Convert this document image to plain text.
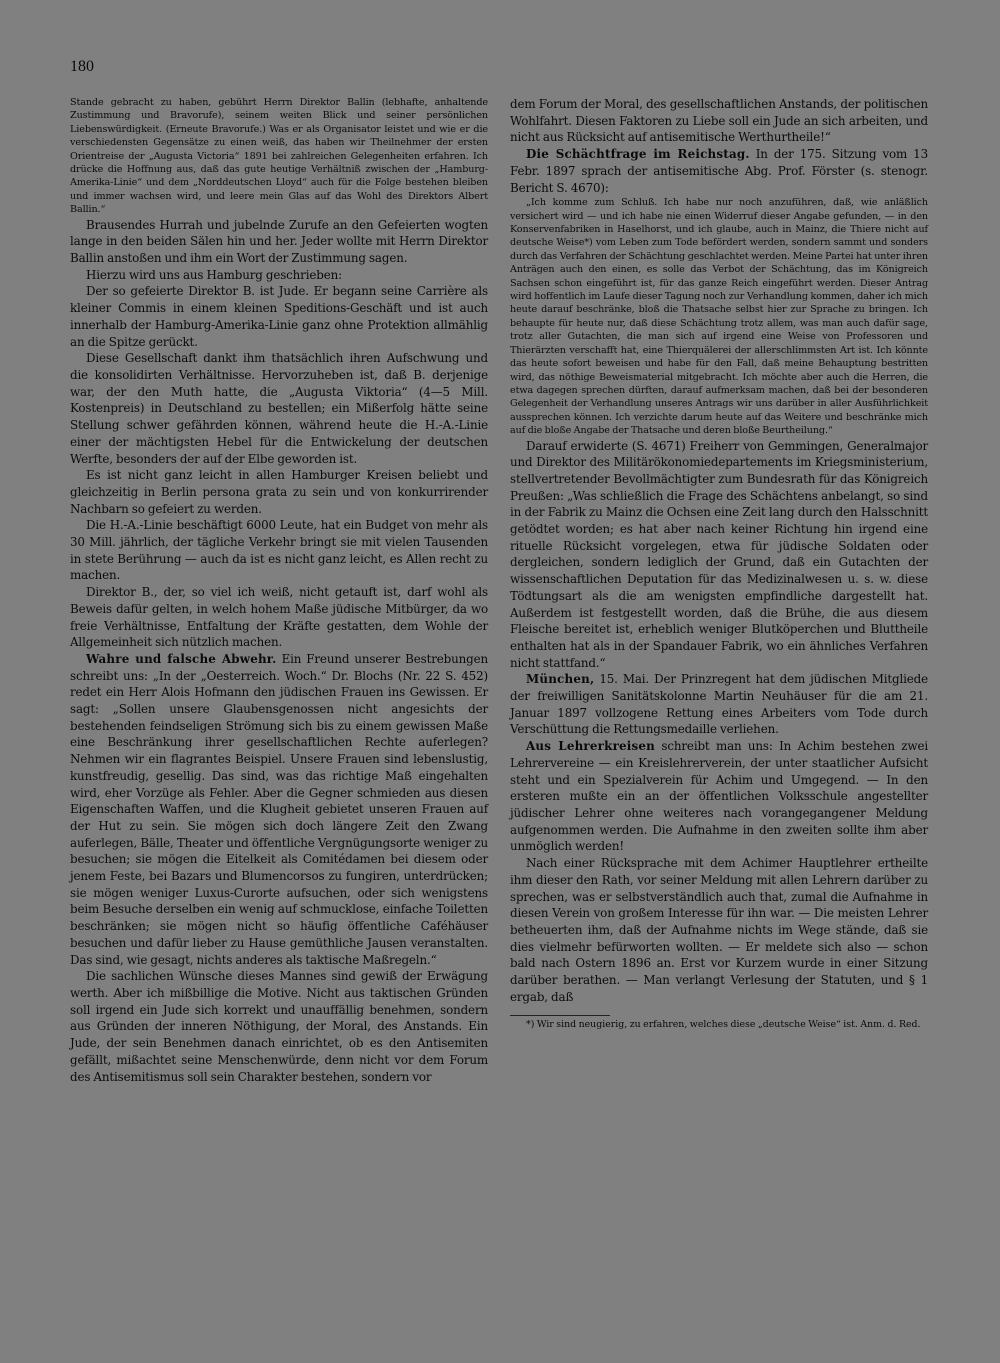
180

Stande gebracht zu haben, gebührt Herrn Direktor Ballin (lebhafte, anhaltende Zustimmung und Bravorufe), seinem weiten Blick und seiner persönlichen Liebenswürdigkeit. (Erneute Bravorufe.) Was er als Organisator leistet und wie er die verschiedensten Gegensätze zu einen weiß, das haben wir Theilnehmer der ersten Orientreise der „Augusta Victoria“ 1891 bei zahlreichen Gelegenheiten erfahren. Ich drücke die Hoffnung aus, daß das gute heutige Verhältniß zwischen der „Hamburg-Amerika-Linie“ und dem „Norddeutschen Lloyd“ auch für die Folge bestehen bleiben und immer wachsen wird, und leere mein Glas auf das Wohl des Direktors Albert Ballin.“

Brausendes Hurrah und jubelnde Zurufe an den Gefeierten wogten lange in den beiden Sälen hin und her. Jeder wollte mit Herrn Direktor Ballin anstoßen und ihm ein Wort der Zustimmung sagen.

Hierzu wird uns aus Hamburg geschrieben:

Der so gefeierte Direktor B. ist Jude. Er begann seine Carrière als kleiner Commis in einem kleinen Speditions-Geschäft und ist auch innerhalb der Hamburg-Amerika-Linie ganz ohne Protektion allmählig an die Spitze gerückt.

Diese Gesellschaft dankt ihm thatsächlich ihren Aufschwung und die konsolidirten Verhältnisse. Hervorzuheben ist, daß B. derjenige war, der den Muth hatte, die „Augusta Viktoria“ (4—5 Mill. Kostenpreis) in Deutschland zu bestellen; ein Mißerfolg hätte seine Stellung schwer gefährden können, während heute die H.-A.-Linie einer der mächtigsten Hebel für die Entwickelung der deutschen Werfte, besonders der auf der Elbe geworden ist.

Es ist nicht ganz leicht in allen Hamburger Kreisen beliebt und gleichzeitig in Berlin persona grata zu sein und von konkurrirender Nachbarn so gefeiert zu werden.

Die H.-A.-Linie beschäftigt 6000 Leute, hat ein Budget von mehr als 30 Mill. jährlich, der tägliche Verkehr bringt sie mit vielen Tausenden in stete Berührung — auch da ist es nicht ganz leicht, es Allen recht zu machen.

Direktor B., der, so viel ich weiß, nicht getauft ist, darf wohl als Beweis dafür gelten, in welch hohem Maße jüdische Mitbürger, da wo freie Verhältnisse, Entfaltung der Kräfte gestatten, dem Wohle der Allgemeinheit sich nützlich machen.

Wahre und falsche Abwehr. Ein Freund unserer Bestrebungen schreibt uns: „In der „Oesterreich. Woch.“ Dr. Blochs (Nr. 22 S. 452) redet ein Herr Alois Hofmann den jüdischen Frauen ins Gewissen. Er sagt: „Sollen unsere Glaubensgenossen nicht angesichts der bestehenden feindseligen Strömung sich bis zu einem gewissen Maße eine Beschränkung ihrer gesellschaftlichen Rechte auferlegen? Nehmen wir ein flagrantes Beispiel. Unsere Frauen sind lebenslustig, kunstfreudig, gesellig. Das sind, was das richtige Maß eingehalten wird, eher Vorzüge als Fehler. Aber die Gegner schmieden aus diesen Eigenschaften Waffen, und die Klugheit gebietet unseren Frauen auf der Hut zu sein. Sie mögen sich doch längere Zeit den Zwang auferlegen, Bälle, Theater und öffentliche Vergnügungsorte weniger zu besuchen; sie mögen die Eitelkeit als Comitédamen bei diesem oder jenem Feste, bei Bazars und Blumencorsos zu fungiren, unterdrücken; sie mögen weniger Luxus-Curorte aufsuchen, oder sich wenigstens beim Besuche derselben ein wenig auf schmucklose, einfache Toiletten beschränken; sie mögen nicht so häufig öffentliche Caféhäuser besuchen und dafür lieber zu Hause gemüthliche Jausen veranstalten. Das sind, wie gesagt, nichts anderes als taktische Maßregeln.“

Die sachlichen Wünsche dieses Mannes sind gewiß der Erwägung werth. Aber ich mißbillige die Motive. Nicht aus taktischen Gründen soll irgend ein Jude sich korrekt und unauffällig benehmen, sondern aus Gründen der inneren Nöthigung, der Moral, des Anstands. Ein Jude, der sein Benehmen danach einrichtet, ob es den Antisemiten gefällt, mißachtet seine Menschenwürde, denn nicht vor dem Forum des Antisemitismus soll sein Charakter bestehen, sondern vor

dem Forum der Moral, des gesellschaftlichen Anstands, der politischen Wohlfahrt. Diesen Faktoren zu Liebe soll ein Jude an sich arbeiten, und nicht aus Rücksicht auf antisemitische Werthurtheile!“

Die Schächtfrage im Reichstag. In der 175. Sitzung vom 13 Febr. 1897 sprach der antisemitische Abg. Prof. Förster (s. stenogr. Bericht S. 4670):

„Ich komme zum Schluß. Ich habe nur noch anzuführen, daß, wie anläßlich versichert wird — und ich habe nie einen Widerruf dieser Angabe gefunden, — in den Konservenfabriken in Haselhorst, und ich glaube, auch in Mainz, die Thiere nicht auf deutsche Weise*) vom Leben zum Tode befördert werden, sondern sammt und sonders durch das Verfahren der Schächtung geschlachtet werden. Meine Partei hat unter ihren Anträgen auch den einen, es solle das Verbot der Schächtung, das im Königreich Sachsen schon eingeführt ist, für das ganze Reich eingeführt werden. Dieser Antrag wird hoffentlich im Laufe dieser Tagung noch zur Verhandlung kommen, daher ich mich heute darauf beschränke, bloß die Thatsache selbst hier zur Sprache zu bringen. Ich behaupte für heute nur, daß diese Schächtung trotz allem, was man auch dafür sage, trotz aller Gutachten, die man sich auf irgend eine Weise von Professoren und Thierärzten verschafft hat, eine Thierquälerei der allerschlimmsten Art ist. Ich könnte das heute sofort beweisen und habe für den Fall, daß meine Behauptung bestritten wird, das nöthige Beweismaterial mitgebracht. Ich möchte aber auch die Herren, die etwa dagegen sprechen dürften, darauf aufmerksam machen, daß bei der besonderen Gelegenheit der Verhandlung unseres Antrags wir uns darüber in aller Ausführlichkeit aussprechen können. Ich verzichte darum heute auf das Weitere und beschränke mich auf die bloße Angabe der Thatsache und deren bloße Beurtheilung.“

Darauf erwiderte (S. 4671) Freiherr von Gemmingen, Generalmajor und Direktor des Militärökonomiedepartements im Kriegsministerium, stellvertretender Bevollmächtigter zum Bundesrath für das Königreich Preußen: „Was schließlich die Frage des Schächtens anbelangt, so sind in der Fabrik zu Mainz die Ochsen eine Zeit lang durch den Halsschnitt getödtet worden; es hat aber nach keiner Richtung hin irgend eine rituelle Rücksicht vorgelegen, etwa für jüdische Soldaten oder dergleichen, sondern lediglich der Grund, daß ein Gutachten der wissenschaftlichen Deputation für das Medizinalwesen u. s. w. diese Tödtungsart als die am wenigsten empfindliche dargestellt hat. Außerdem ist festgestellt worden, daß die Brühe, die aus diesem Fleische bereitet ist, erheblich weniger Blutköperchen und Bluttheile enthalten hat als in der Spandauer Fabrik, wo ein ähnliches Verfahren nicht stattfand.“

München, 15. Mai. Der Prinzregent hat dem jüdischen Mitgliede der freiwilligen Sanitätskolonne Martin Neuhäuser für die am 21. Januar 1897 vollzogene Rettung eines Arbeiters vom Tode durch Verschüttung die Rettungsmedaille verliehen.

Aus Lehrerkreisen schreibt man uns: In Achim bestehen zwei Lehrervereine — ein Kreislehrerverein, der unter staatlicher Aufsicht steht und ein Spezialverein für Achim und Umgegend. — In den ersteren mußte ein an der öffentlichen Volksschule angestellter jüdischer Lehrer ohne weiteres nach vorangegangener Meldung aufgenommen werden. Die Aufnahme in den zweiten sollte ihm aber unmöglich werden!

Nach einer Rücksprache mit dem Achimer Hauptlehrer ertheilte ihm dieser den Rath, vor seiner Meldung mit allen Lehrern darüber zu sprechen, was er selbstverständlich auch that, zumal die Aufnahme in diesen Verein von großem Interesse für ihn war. — Die meisten Lehrer betheuerten ihm, daß der Aufnahme nichts im Wege stände, daß sie dies vielmehr befürworten wollten. — Er meldete sich also — schon bald nach Ostern 1896 an. Erst vor Kurzem wurde in einer Sitzung darüber berathen. — Man verlangt Verlesung der Statuten, und § 1 ergab, daß

*) Wir sind neugierig, zu erfahren, welches diese „deutsche Weise“ ist. Anm. d. Red.
